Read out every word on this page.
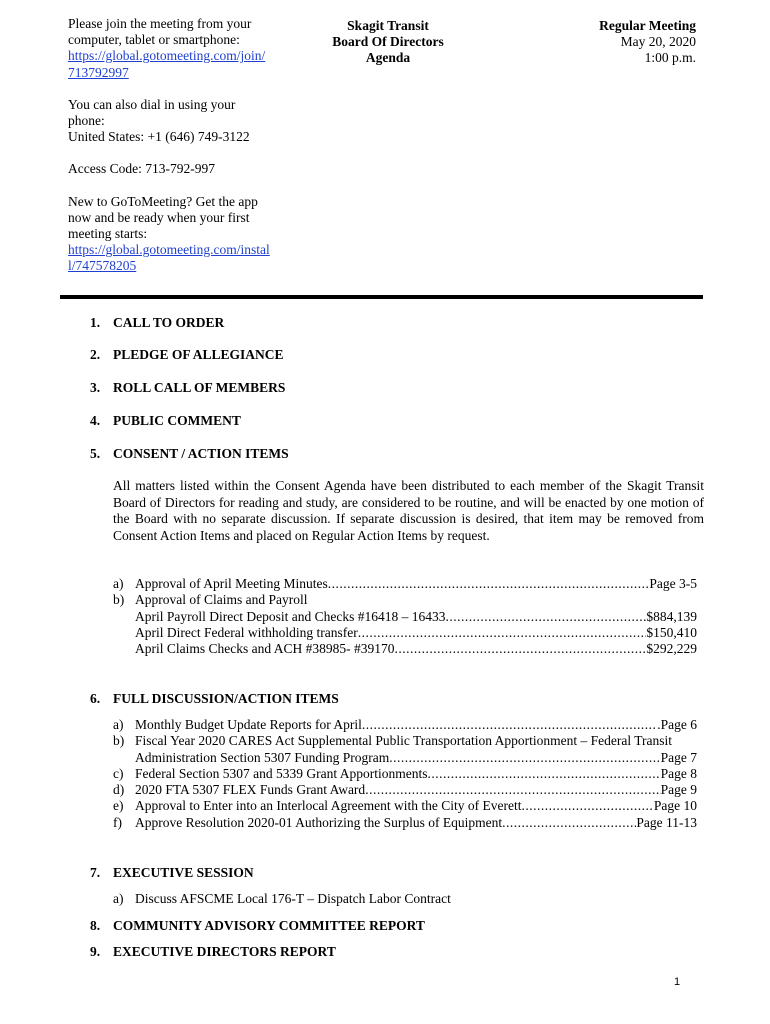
Please join the meeting from your
computer, tablet or smartphone:
https://global.gotomeeting.com/join/
713792997

You can also dial in using your
phone:
United States: +1 (646) 749-3122

Access Code: 713-792-997

New to GoToMeeting? Get the app
now and be ready when your first
meeting starts:
https://global.gotomeeting.com/instal
l/747578205

Skagit Transit
Board Of Directors
Agenda
Regular Meeting
May 20, 2020
1:00 p.m.
1. CALL TO ORDER
2. PLEDGE OF ALLEGIANCE
3. ROLL CALL OF MEMBERS
4. PUBLIC COMMENT
5. CONSENT / ACTION ITEMS
All matters listed within the Consent Agenda have been distributed to each member of the Skagit Transit Board of Directors for reading and study, are considered to be routine, and will be enacted by one motion of the Board with no separate discussion. If separate discussion is desired, that item may be removed from Consent Action Items and placed on Regular Action Items by request.
a) Approval of April Meeting Minutes .....	Page 3-5
b) Approval of Claims and Payroll
April Payroll Direct Deposit and Checks #16418 – 16433 .....	$884,139
April Direct Federal withholding transfer .....	$150,410
April Claims Checks and ACH #38985- #39170 .....	$292,229
6. FULL DISCUSSION/ACTION ITEMS
a) Monthly Budget Update Reports for April .....	.Page 6
b) Fiscal Year 2020 CARES Act Supplemental Public Transportation Apportionment – Federal Transit
Administration Section 5307 Funding Program .....	Page 7
c) Federal Section 5307 and 5339 Grant Apportionments .....	Page 8
d) 2020 FTA 5307 FLEX Funds Grant Award .....	Page 9
e) Approval to Enter into an Interlocal Agreement with the City of Everett .....	Page 10
f) Approve Resolution 2020-01 Authorizing the Surplus of Equipment .....	Page 11-13
7. EXECUTIVE SESSION
a) Discuss AFSCME Local 176-T – Dispatch Labor Contract
8. COMMUNITY ADVISORY COMMITTEE REPORT
9. EXECUTIVE DIRECTORS REPORT
1
